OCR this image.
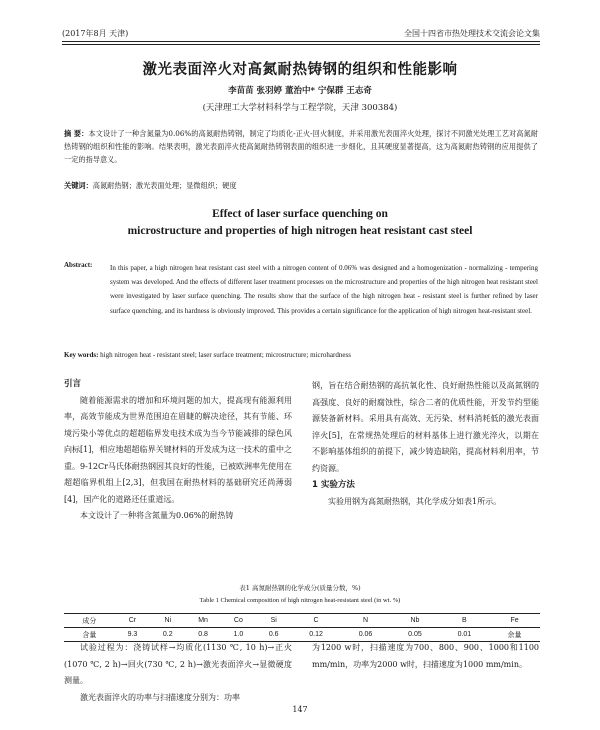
(2017年8月 天津)	全国十四省市热处理技术交流会论文集
激光表面淬火对高氮耐热铸钢的组织和性能影响
李苗苗 张羽婷 董治中* 宁保群 王志奇
(天津理工大学材料科学与工程学院，天津 300384)
摘 要：本文设计了一种含氮量为0.06%的高氮耐热铸钢，制定了均质化-正火-回火制度，并采用激光表面淬火处理，探讨不同激光处理工艺对高氮耐热铸钢的组织和性能的影响。结果表明，激光表面淬火使高氮耐热铸钢表面的组织进一步细化，且其硬度显著提高，这为高氮耐热铸钢的应用提供了一定的指导意义。
关键词：高氮耐热钢；激光表面处理；显微组织；硬度
Effect of laser surface quenching on
microstructure and properties of high nitrogen heat resistant cast steel
Abstract:	In this paper, a high nitrogen heat resistant cast steel with a nitrogen content of 0.06% was designed and a homogenization - normalizing - tempering system was developed. And the effects of different laser treatment processes on the microstructure and properties of the high nitrogen heat resistant steel were investigated by laser surface quenching. The results show that the surface of the high nitrogen heat - resistant steel is further refined by laser surface quenching, and its hardness is obviously improved. This provides a certain significance for the application of high nitrogen heat-resistant steel.
Key words: high nitrogen heat - resistant steel; laser surface treatment; microstructure; microhardness
引言
随着能源需求的增加和环境问题的加大，提高现有能源利用率，高效节能成为世界范围迫在眉睫的解决途径，其有节能、环境污染小等优点的超超临界发电技术成为当今节能减排的绿色风向标[1]，相应地超超临界关键材料的开发成为这一技术的重中之重。9-12Cr马氏体耐热钢因其良好的性能，已被欧洲率先使用在超超临界机组上[2,3]，但我国在耐热材料的基础研究还尚薄弱[4]，国产化的道路还任重道远。
本文设计了一种将含氮量为0.06%的耐热铸
钢，旨在结合耐热钢的高抗氧化性、良好耐热性能以及高氮钢的高强度、良好的耐腐蚀性，综合二者的优质性能，开发节约型能源装备新材料。采用具有高效、无污染、材料消耗低的激光表面淬火[5]，在常规热处理后的材料基体上进行激光淬火，以期在不影响基体组织的前提下，减少铸造缺陷，提高材料利用率，节约资源。
1 实验方法
实验用钢为高氮耐热钢，其化学成分如表1所示。
表1 高氮耐热钢的化学成分(质量分数，%)
Table 1 Chemical composition of high nitrogen heat-resistant steel (in wt. %)
成分	Cr	Ni	Mn	Co	Si	C	N	Nb	B	Fe
含量	9.3	0.2	0.8	1.0	0.6	0.12	0.06	0.05	0.01	余量
试验过程为：浇铸试样→均质化(1130 ℃, 10 h)→正火(1070 ℃, 2 h)→回火(730 ℃, 2 h)→激光表面淬火→显微硬度测量。
激光表面淬火的功率与扫描速度分别为：功率
为1200 w时，扫描速度为700、800、900、1000和1100 mm/min，功率为2000 w时，扫描速度为1000 mm/min。
147
